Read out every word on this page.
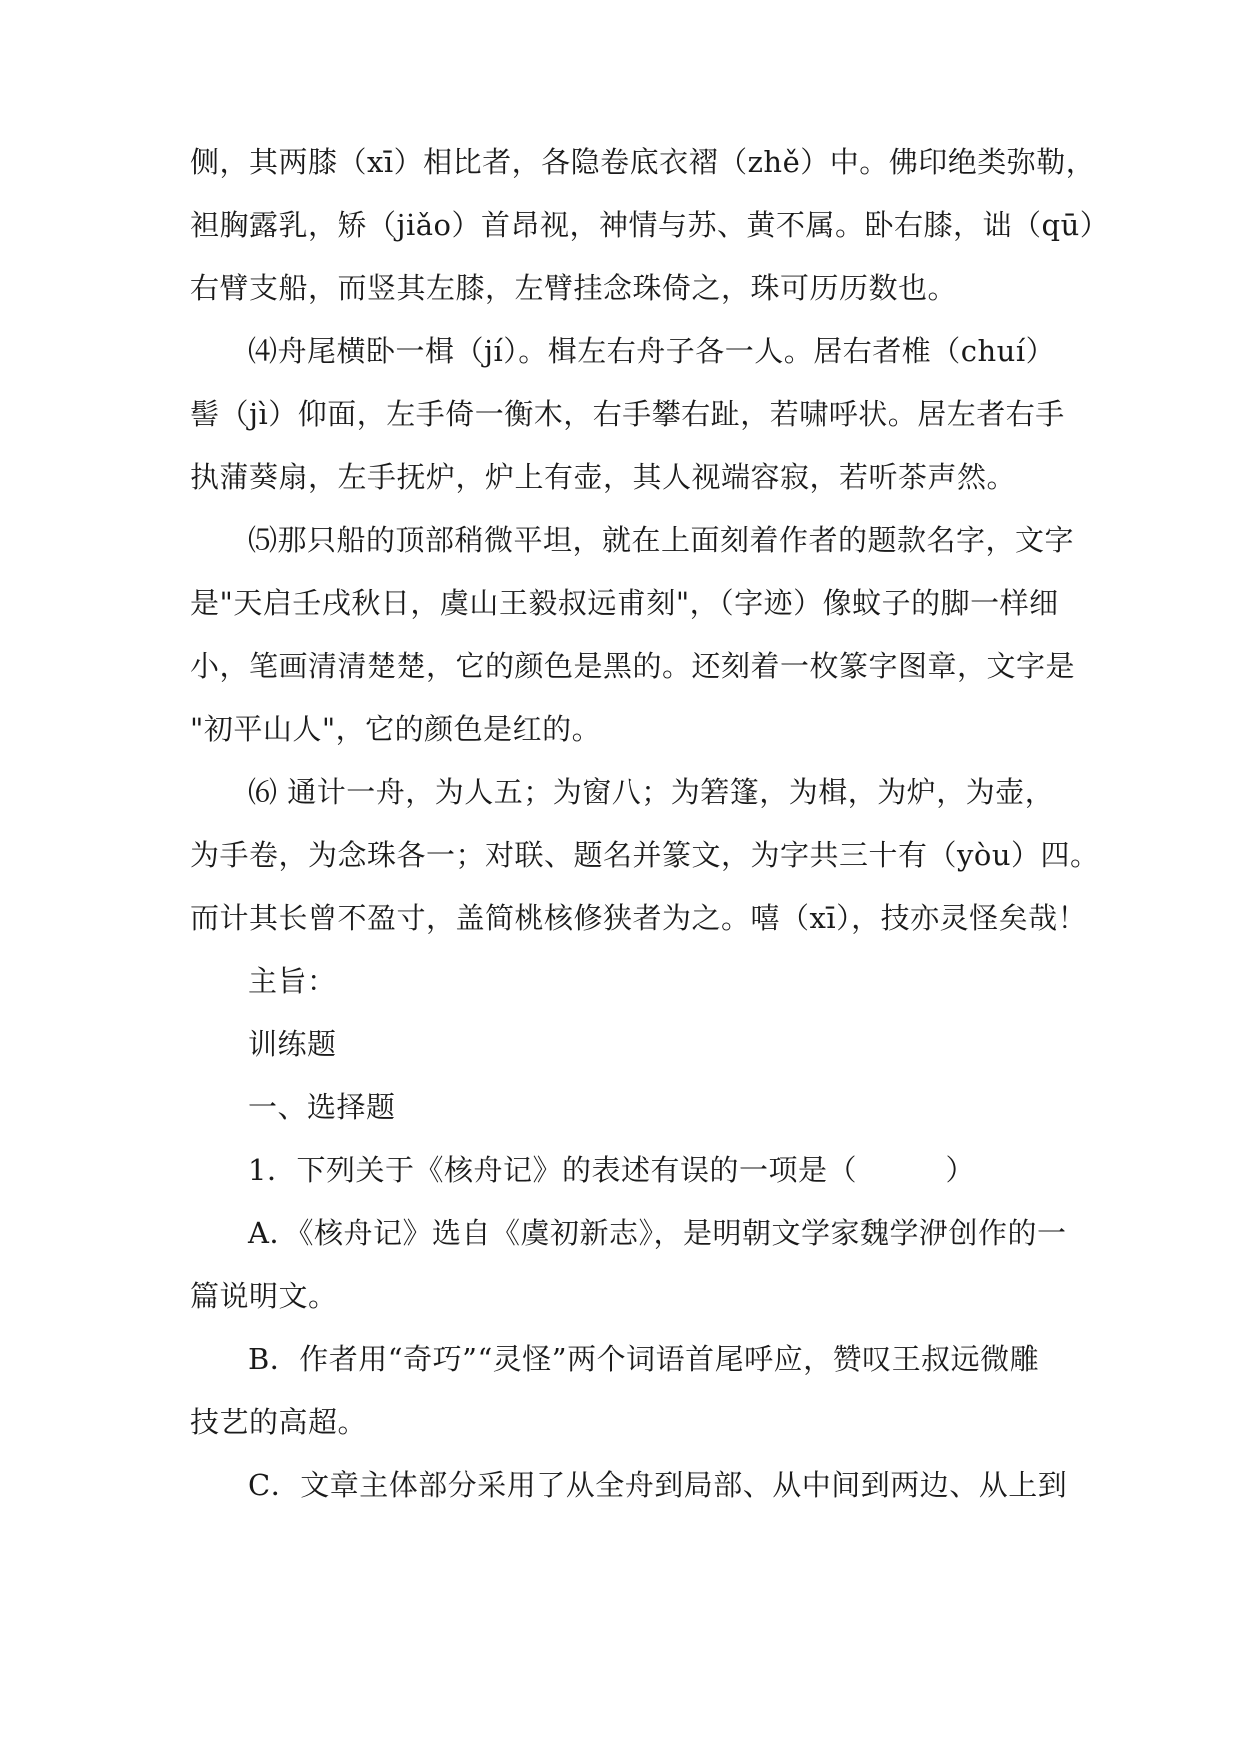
侧，其两膝（xī）相比者，各隐卷底衣褶（zhě）中。佛印绝类弥勒，

袒胸露乳，矫（jiǎo）首昂视，神情与苏、黄不属。卧右膝，诎（qū）

右臂支船，而竖其左膝，左臂挂念珠倚之，珠可历历数也。

⑷舟尾横卧一楫（jí）。楫左右舟子各一人。居右者椎（chuí）

髻（jì）仰面，左手倚一衡木，右手攀右趾，若啸呼状。居左者右手

执蒲葵扇，左手抚炉，炉上有壶，其人视端容寂，若听茶声然。

⑸那只船的顶部稍微平坦，就在上面刻着作者的题款名字，文字

是"天启壬戌秋日，虞山王毅叔远甫刻"，（字迹）像蚊子的脚一样细

小，笔画清清楚楚，它的颜色是黑的。还刻着一枚篆字图章，文字是

"初平山人"，它的颜色是红的。

⑹ 通计一舟，为人五；为窗八；为箬篷，为楫，为炉，为壶，

为手卷，为念珠各一；对联、题名并篆文，为字共三十有（yòu）四。

而计其长曾不盈寸，盖简桃核修狭者为之。嘻（xī），技亦灵怪矣哉！

主旨：

训练题

一、选择题

1．下列关于《核舟记》的表述有误的一项是（　　　）

A．《核舟记》选自《虞初新志》，是明朝文学家魏学洢创作的一

篇说明文。

B．作者用“奇巧”“灵怪”两个词语首尾呼应，赞叹王叔远微雕

技艺的高超。

C．文章主体部分采用了从全舟到局部、从中间到两边、从上到
